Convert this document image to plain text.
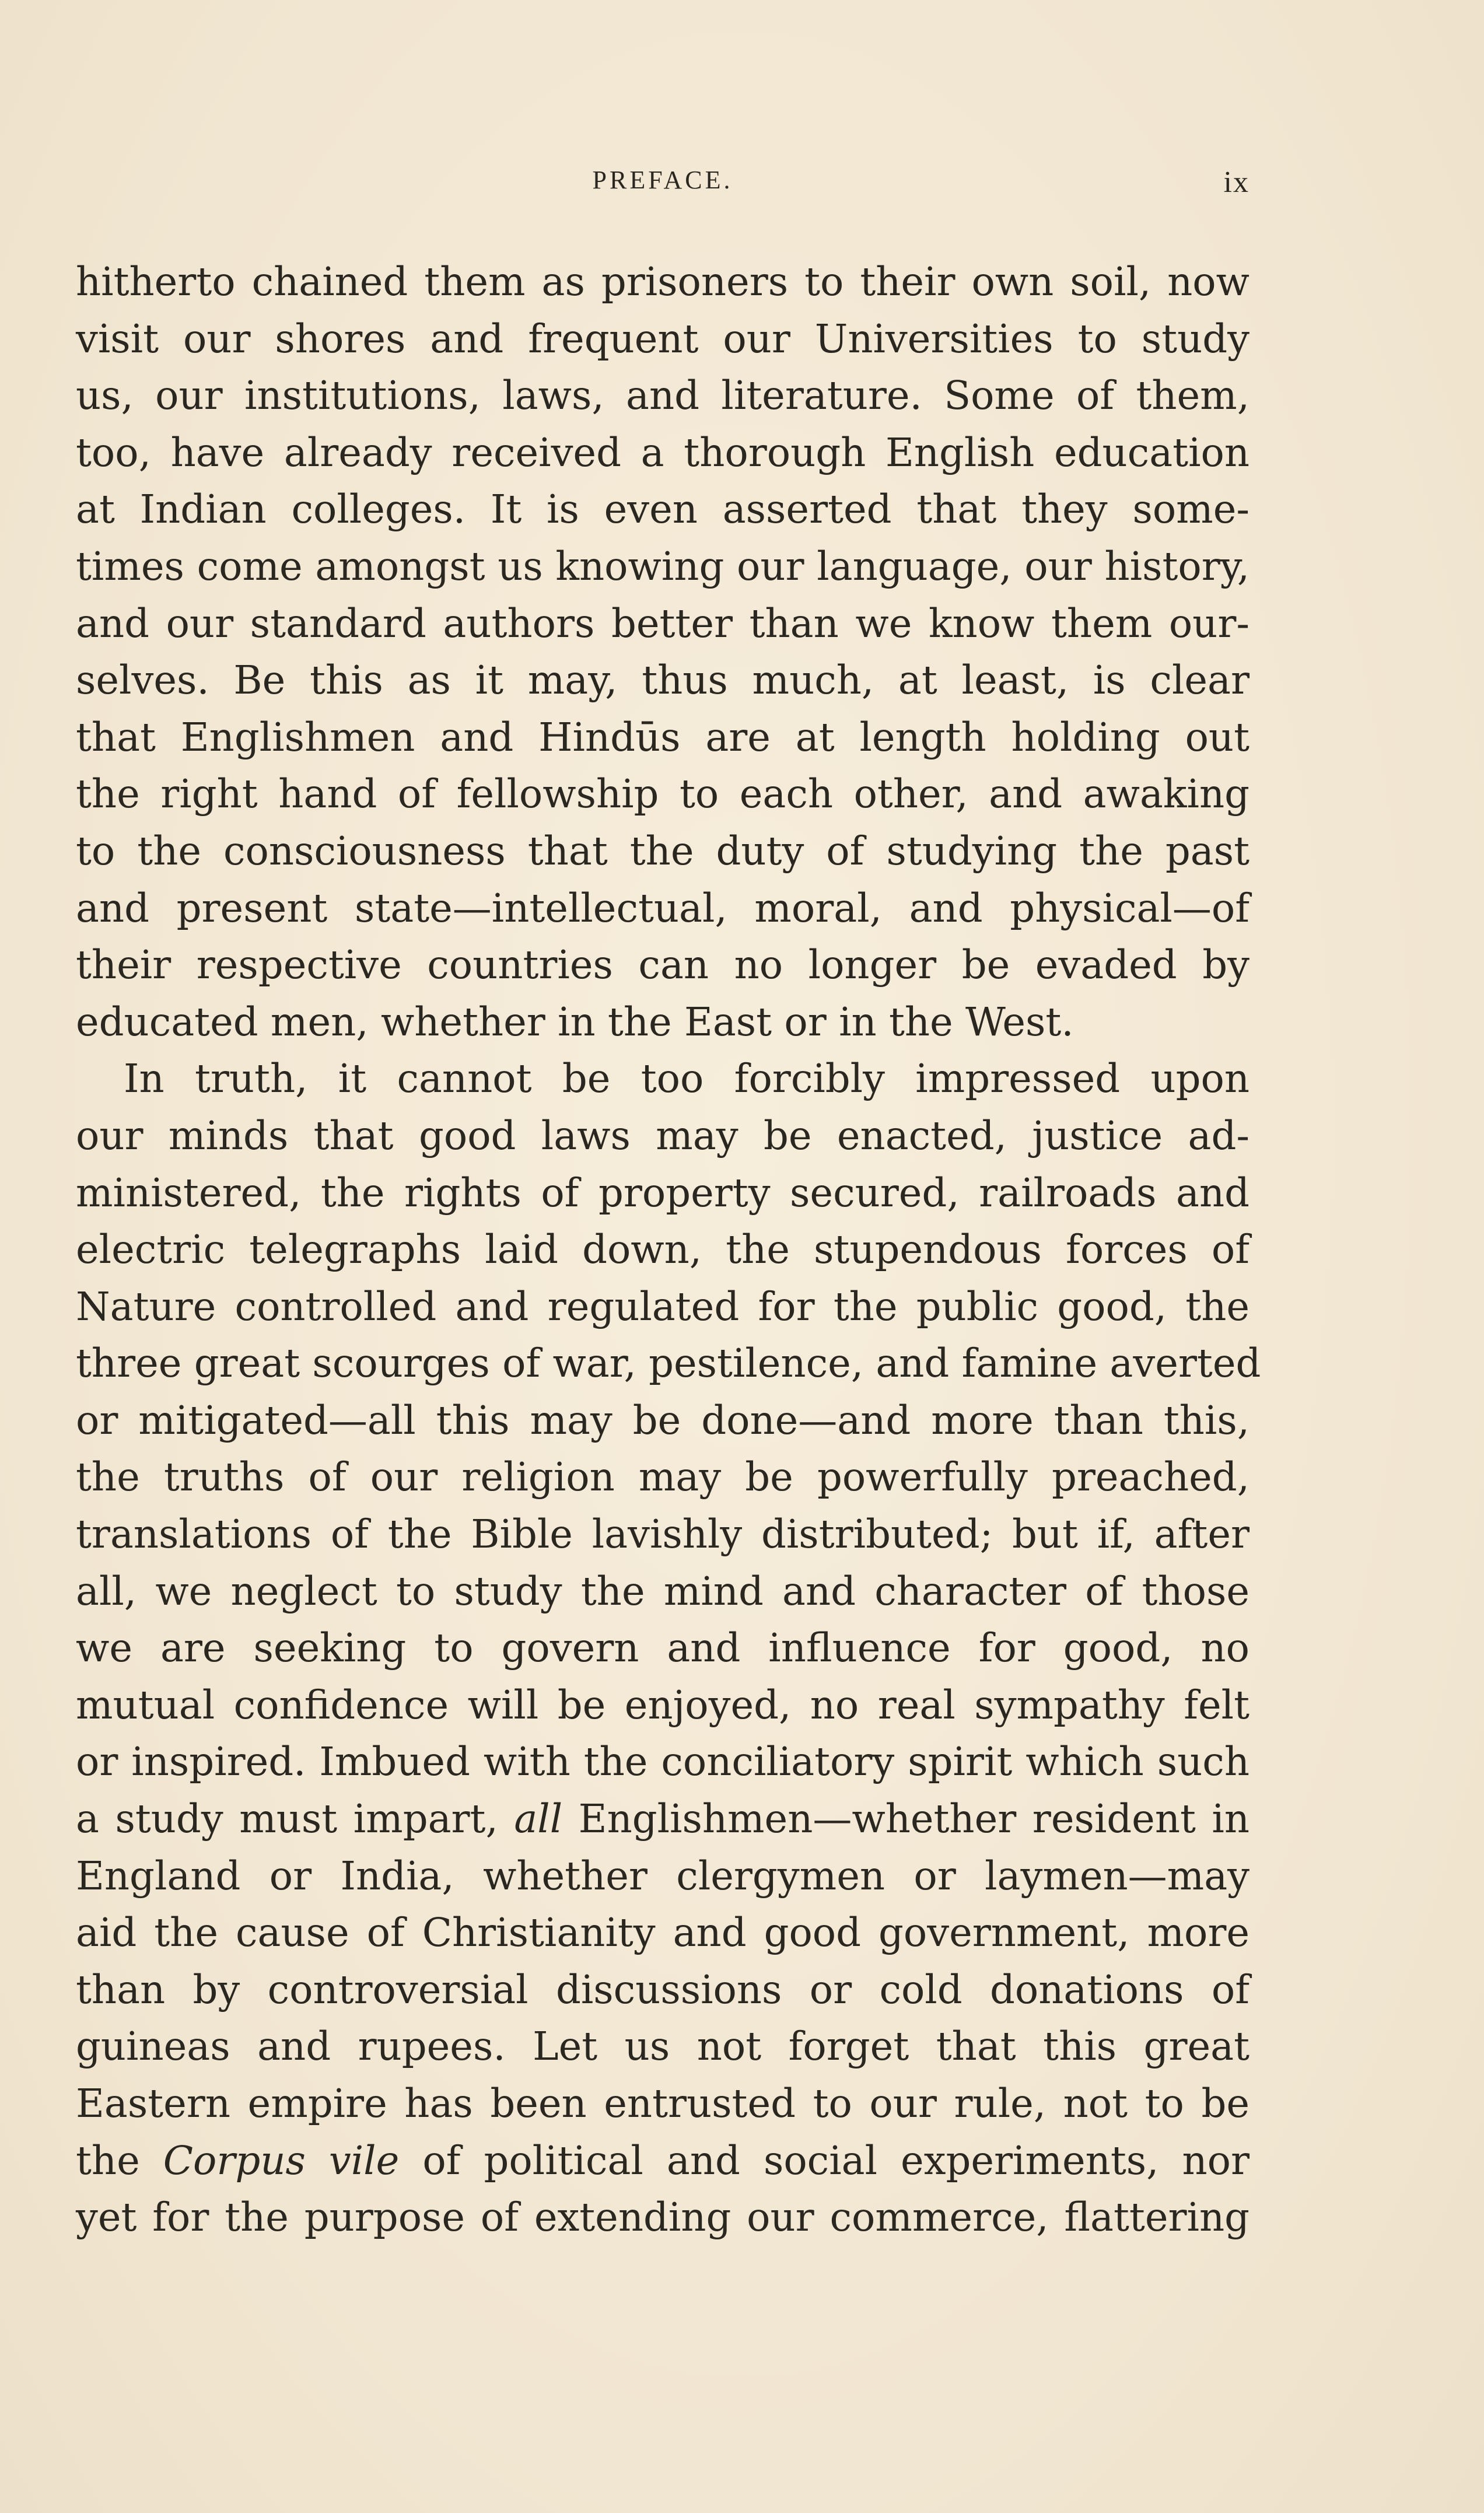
PREFACE.	ix
hitherto chained them as prisoners to their own soil, now
visit our shores and frequent our Universities to study
us, our institutions, laws, and literature. Some of them,
too, have already received a thorough English education
at Indian colleges. It is even asserted that they some-
times come amongst us knowing our language, our history,
and our standard authors better than we know them our-
selves. Be this as it may, thus much, at least, is clear
that Englishmen and Hindūs are at length holding out
the right hand of fellowship to each other, and awaking
to the consciousness that the duty of studying the past
and present state—intellectual, moral, and physical—of
their respective countries can no longer be evaded by
educated men, whether in the East or in the West.
In truth, it cannot be too forcibly impressed upon
our minds that good laws may be enacted, justice ad-
ministered, the rights of property secured, railroads and
electric telegraphs laid down, the stupendous forces of
Nature controlled and regulated for the public good, the
three great scourges of war, pestilence, and famine averted
or mitigated—all this may be done—and more than this,
the truths of our religion may be powerfully preached,
translations of the Bible lavishly distributed; but if, after
all, we neglect to study the mind and character of those
we are seeking to govern and influence for good, no
mutual confidence will be enjoyed, no real sympathy felt
or inspired. Imbued with the conciliatory spirit which such
a study must impart, all Englishmen—whether resident in
England or India, whether clergymen or laymen—may
aid the cause of Christianity and good government, more
than by controversial discussions or cold donations of
guineas and rupees. Let us not forget that this great
Eastern empire has been entrusted to our rule, not to be
the Corpus vile of political and social experiments, nor
yet for the purpose of extending our commerce, flattering
